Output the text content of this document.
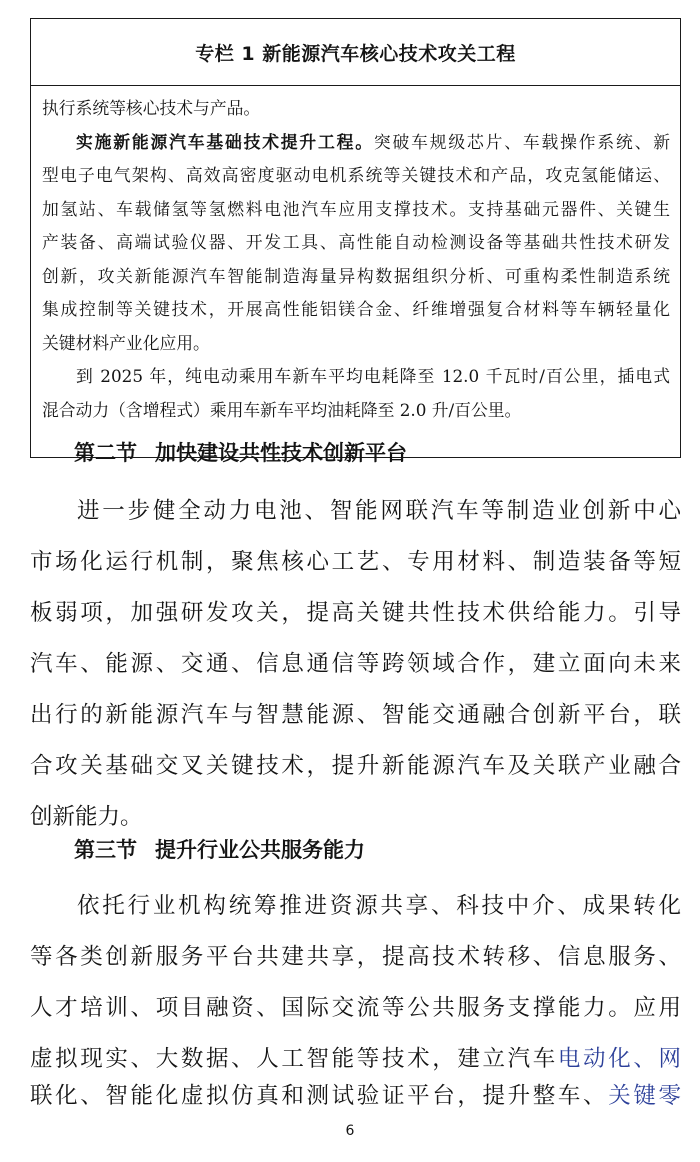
专栏 1 新能源汽车核心技术攻关工程
执行系统等核心技术与产品。
实施新能源汽车基础技术提升工程。突破车规级芯片、车载操作系统、新
型电子电气架构、高效高密度驱动电机系统等关键技术和产品，攻克氢能储运、
加氢站、车载储氢等氢燃料电池汽车应用支撑技术。支持基础元器件、关键生
产装备、高端试验仪器、开发工具、高性能自动检测设备等基础共性技术研发
创新，攻关新能源汽车智能制造海量异构数据组织分析、可重构柔性制造系统
集成控制等关键技术，开展高性能铝镁合金、纤维增强复合材料等车辆轻量化
关键材料产业化应用。
到 2025 年，纯电动乘用车新车平均电耗降至 12.0 千瓦时/百公里，插电式
混合动力（含增程式）乘用车新车平均油耗降至 2.0 升/百公里。
第二节 加快建设共性技术创新平台
进一步健全动力电池、智能网联汽车等制造业创新中心
市场化运行机制，聚焦核心工艺、专用材料、制造装备等短
板弱项，加强研发攻关，提高关键共性技术供给能力。引导
汽车、能源、交通、信息通信等跨领域合作，建立面向未来
出行的新能源汽车与智慧能源、智能交通融合创新平台，联
合攻关基础交叉关键技术，提升新能源汽车及关联产业融合
创新能力。
第三节 提升行业公共服务能力
依托行业机构统筹推进资源共享、科技中介、成果转化
等各类创新服务平台共建共享，提高技术转移、信息服务、
人才培训、项目融资、国际交流等公共服务支撑能力。应用
虚拟现实、大数据、人工智能等技术，建立汽车电动化、网
联化、智能化虚拟仿真和测试验证平台，提升整车、关键零
6
